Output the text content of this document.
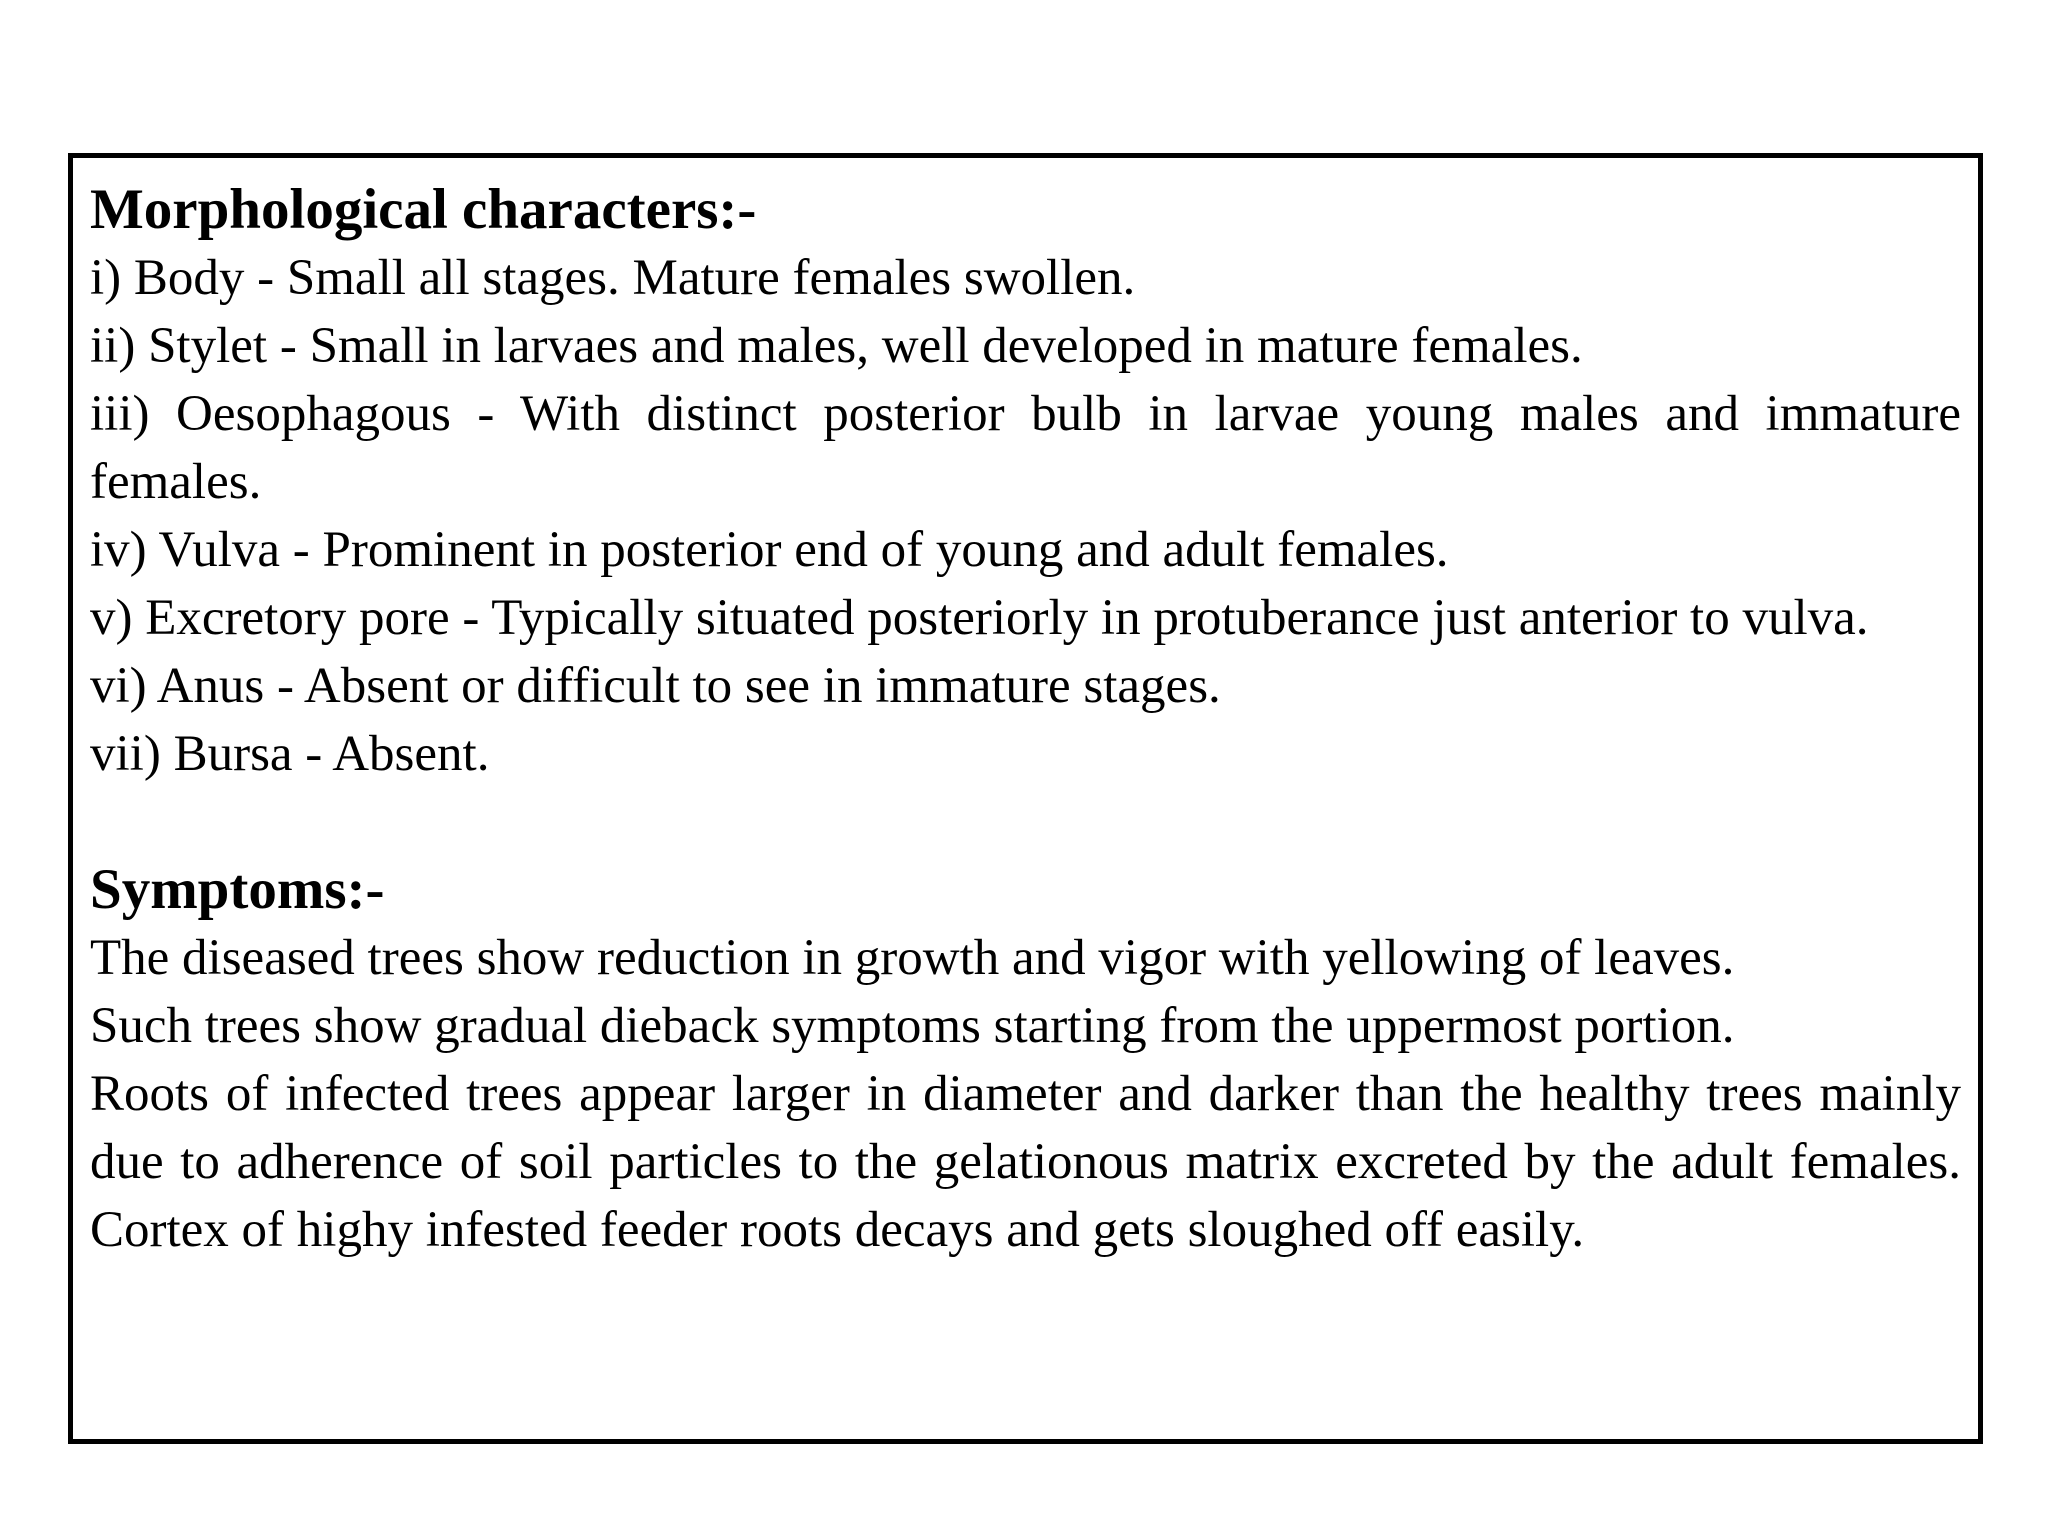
Morphological characters:-

i) Body - Small all stages. Mature females swollen.

ii) Stylet - Small in larvaes and males, well developed in mature females.

iii) Oesophagous - With distinct posterior bulb in larvae young males and immature females.

iv) Vulva - Prominent in posterior end of young and adult females.

v) Excretory pore - Typically situated posteriorly in protuberance just anterior to vulva.

vi) Anus - Absent or difficult to see in immature stages.

vii) Bursa - Absent.

Symptoms:-

The diseased trees show reduction in growth and vigor with yellowing of leaves.

Such trees show gradual dieback symptoms starting from the uppermost portion.

Roots of infected trees appear larger in diameter and darker than the healthy trees mainly due to adherence of soil particles to the gelationous matrix excreted by the adult females. Cortex of highy infested feeder roots decays and gets sloughed off easily.
